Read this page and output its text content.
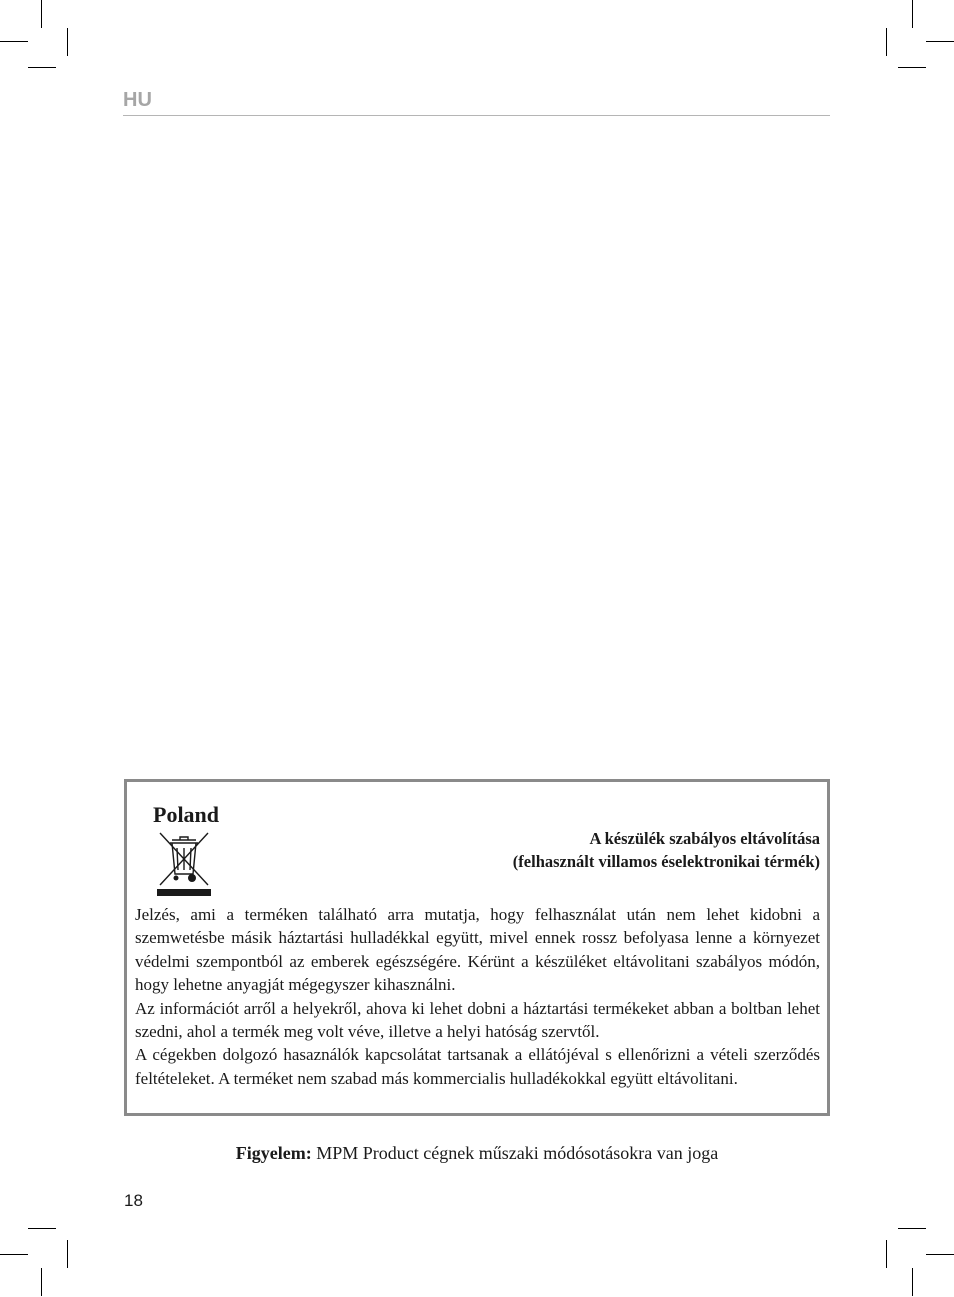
HU
Poland
A készülék szabályos eltávolítása
(felhasznált villamos éselektronikai térmék)

Jelzés, ami a terméken található arra mutatja, hogy felhasználat után nem lehet kidobni a szemwetésbe másik háztartási hulladékkal együtt, mivel ennek rossz befolyasa lenne a környezet védelmi szempontból az emberek egészségére. Kérünt a készüléket eltávolitani szabályos módón, hogy lehetne anyagját mégegyszer kihasználni.

Az információt arről a helyekről, ahova ki lehet dobni a háztartási termékeket abban a boltban lehet szedni, ahol a termék meg volt véve, illetve a helyi hatóság szervtől.

A cégekben dolgozó hasaználók kapcsolátat tartsanak a ellátójéval s ellenőrizni a vételi szerződés feltételeket. A terméket nem szabad más kommercialis hulladékokkal együtt eltávolitani.

Figyelem: MPM Product cégnek műszaki módósotásokra van joga
18
